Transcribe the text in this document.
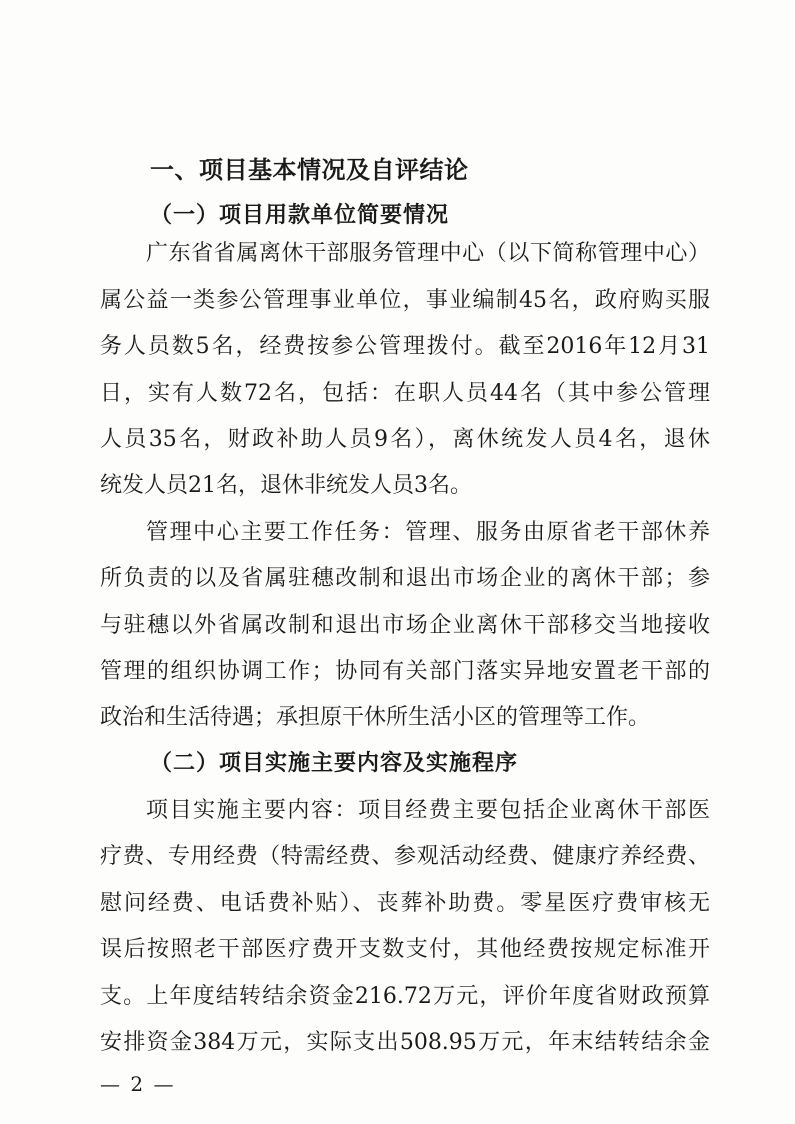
一、项目基本情况及自评结论
（一）项目用款单位简要情况
广东省省属离休干部服务管理中心（以下简称管理中心）
属公益一类参公管理事业单位，事业编制45名，政府购买服
务人员数5名，经费按参公管理拨付。截至2016年12月31
日，实有人数72名，包括：在职人员44名（其中参公管理
人员35名，财政补助人员9名），离休统发人员4名，退休
统发人员21名，退休非统发人员3名。
管理中心主要工作任务：管理、服务由原省老干部休养
所负责的以及省属驻穗改制和退出市场企业的离休干部；参
与驻穗以外省属改制和退出市场企业离休干部移交当地接收
管理的组织协调工作；协同有关部门落实异地安置老干部的
政治和生活待遇；承担原干休所生活小区的管理等工作。
（二）项目实施主要内容及实施程序
项目实施主要内容：项目经费主要包括企业离休干部医
疗费、专用经费（特需经费、参观活动经费、健康疗养经费、
慰问经费、电话费补贴）、丧葬补助费。零星医疗费审核无
误后按照老干部医疗费开支数支付，其他经费按规定标准开
支。上年度结转结余资金216.72万元，评价年度省财政预算
安排资金384万元，实际支出508.95万元，年末结转结余金
— 2 —
